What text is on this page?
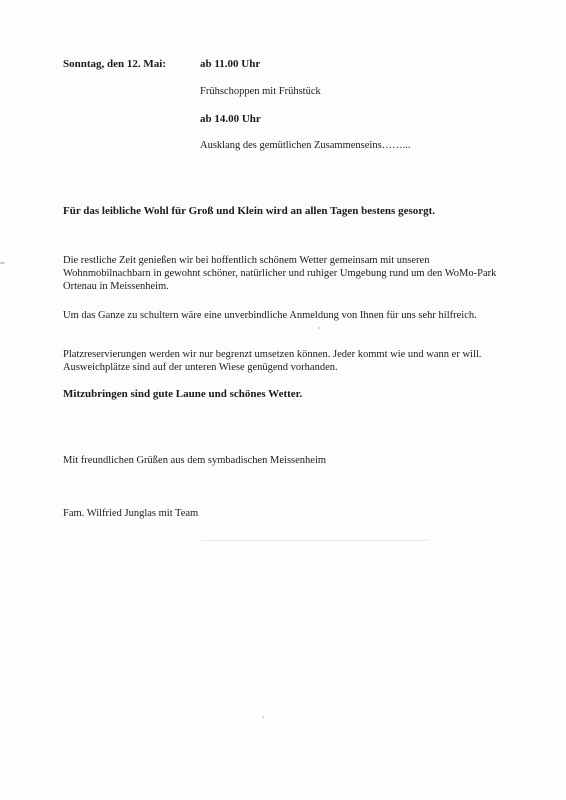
Sonntag, den 12. Mai:	ab 11.00 Uhr
Frühschoppen mit Frühstück
ab 14.00 Uhr
Ausklang des gemütlichen Zusammenseins……...
Für das leibliche Wohl für Groß und Klein wird an allen Tagen bestens gesorgt.
Die restliche Zeit genießen wir bei hoffentlich schönem Wetter gemeinsam mit unseren Wohnmobilnachbarn in gewohnt schöner, natürlicher und ruhiger Umgebung rund um den WoMo-Park Ortenau in Meissenheim.
Um das Ganze zu schultern wäre eine unverbindliche Anmeldung von Ihnen für uns sehr hilfreich.
Platzreservierungen werden wir nur begrenzt umsetzen können. Jeder kommt wie und wann er will. Ausweichplätze sind auf der unteren Wiese genügend vorhanden.
Mitzubringen sind gute Laune und schönes Wetter.
Mit freundlichen Grüßen aus dem symbadischen Meissenheim
Fam. Wilfried Junglas mit Team
